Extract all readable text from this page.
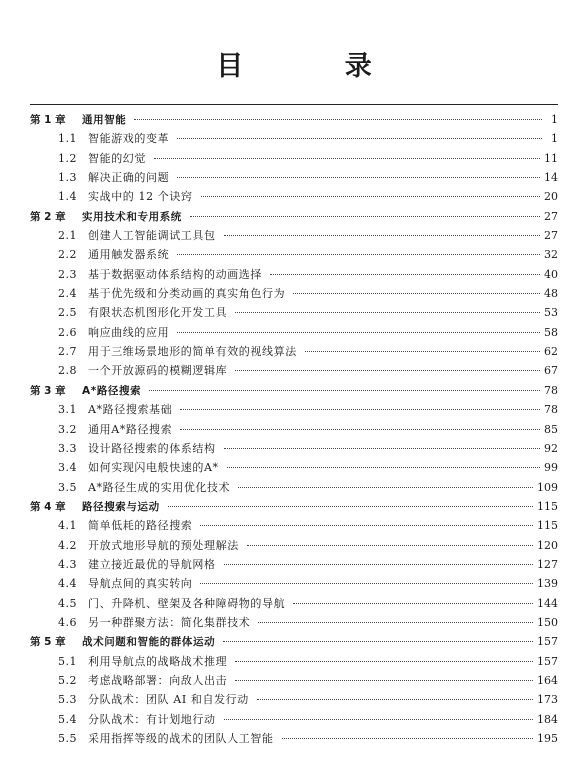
目 录
第 1 章	通用智能	1
1.1	智能游戏的变革	1
1.2	智能的幻觉	11
1.3	解决正确的问题	14
1.4	实战中的 12 个诀窍	20
第 2 章	实用技术和专用系统	27
2.1	创建人工智能调试工具包	27
2.2	通用触发器系统	32
2.3	基于数据驱动体系结构的动画选择	40
2.4	基于优先级和分类动画的真实角色行为	48
2.5	有限状态机图形化开发工具	53
2.6	响应曲线的应用	58
2.7	用于三维场景地形的简单有效的视线算法	62
2.8	一个开放源码的模糊逻辑库	67
第 3 章	A*路径搜索	78
3.1	A*路径搜索基础	78
3.2	通用A*路径搜索	85
3.3	设计路径搜索的体系结构	92
3.4	如何实现闪电般快速的A*	99
3.5	A*路径生成的实用优化技术	109
第 4 章	路径搜索与运动	115
4.1	简单低耗的路径搜索	115
4.2	开放式地形导航的预处理解法	120
4.3	建立接近最优的导航网格	127
4.4	导航点间的真实转向	139
4.5	门、升降机、壁架及各种障碍物的导航	144
4.6	另一种群聚方法：简化集群技术	150
第 5 章	战术问题和智能的群体运动	157
5.1	利用导航点的战略战术推理	157
5.2	考虑战略部署：向敌人出击	164
5.3	分队战术：团队 AI 和自发行动	173
5.4	分队战术：有计划地行动	184
5.5	采用指挥等级的战术的团队人工智能	195
